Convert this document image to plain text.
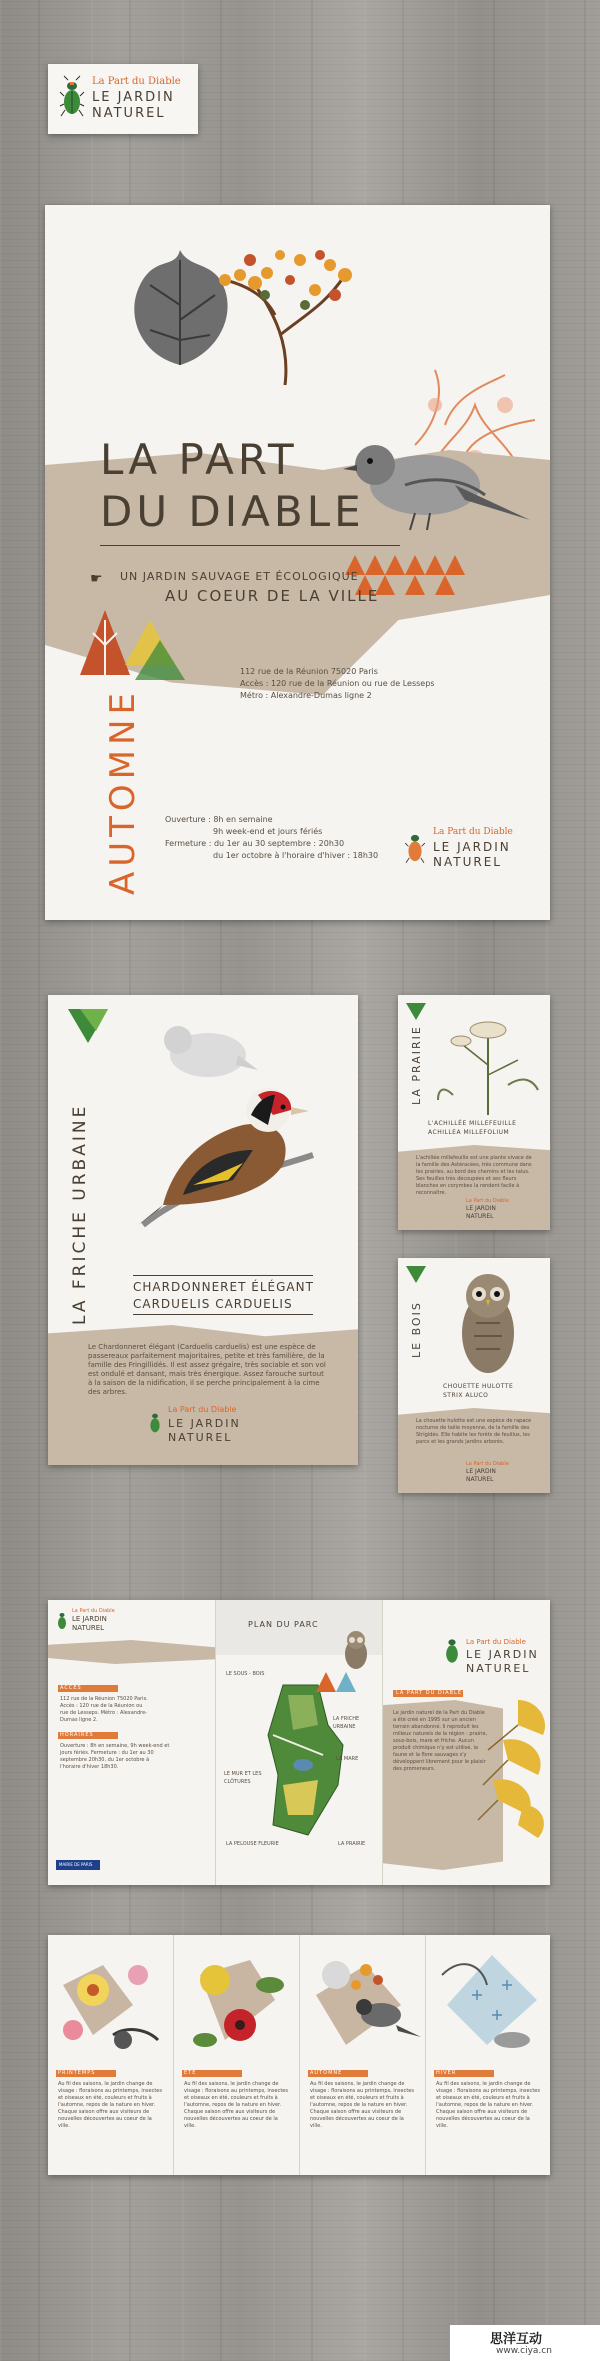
La Part du Diable
LE JARDIN
NATUREL
LA PART
DU DIABLE
☛ UN JARDIN SAUVAGE ET ÉCOLOGIQUE
AU COEUR DE LA VILLE
AUTOMNE
112 rue de la Réunion 75020 Paris
Accès : 120 rue de la Réunion ou rue de Lesseps
Métro : Alexandre-Dumas ligne 2
Ouverture : 8h en semaine
9h week-end et jours fériés
Fermeture : du 1er au 30 septembre : 20h30
du 1er octobre à l'horaire d'hiver : 18h30
La Part du Diable
LE JARDIN
NATUREL
LA FRICHE URBAINE	CHARDONNERET ÉLÉGANT
CARDUELIS CARDUELIS
Le Chardonneret élégant (Carduelis carduelis) est une espèce de passereaux parfaitement majoritaires, petite et très familière, de la famille des Fringillidés. Il est assez grégaire, très sociable et son vol est ondulé et dansant, mais très énergique. Assez farouche surtout à la saison de la nidification, il se perche principalement à la cime des arbres.
La Part du Diable
LE JARDIN
NATUREL
LA PRAIRIE
L'ACHILLÉE MILLEFEUILLE
ACHILLEA MILLEFOLIUM
L'achillée millefeuille est une plante vivace de la famille des Astéracées, très commune dans les prairies, au bord des chemins et les talus. Ses feuilles très découpées et ses fleurs blanches en corymbes la rendent facile à reconnaître.
La Part du Diable
LE JARDIN
NATUREL
LE BOIS
CHOUETTE HULOTTE
STRIX ALUCO
La chouette hulotte est une espèce de rapace nocturne de taille moyenne, de la famille des Strigidés. Elle habite les forêts de feuillus, les parcs et les grands jardins arborés.
La Part du Diable
LE JARDIN
NATUREL
La Part du Diable
LE JARDIN
NATUREL
ACCÈS
112 rue de la Réunion 75020 Paris. Accès : 120 rue de la Réunion ou rue de Lesseps. Métro : Alexandre-Dumas ligne 2.
HORAIRES
Ouverture : 8h en semaine, 9h week-end et jours fériés. Fermeture : du 1er au 30 septembre 20h30, du 1er octobre à l'horaire d'hiver 18h30.
MAIRIE DE PARIS
PLAN DU PARC
LE SOUS - BOIS
LA FRICHE URBAINE
LA MARE
LE MUR ET LES CLÔTURES
LA PELOUSE FLEURIE	LA PRAIRIE
La Part du Diable
LE JARDIN
NATUREL
LA PART DU DIABLE
Le jardin naturel de la Part du Diable a été créé en 1995 sur un ancien terrain abandonné. Il reproduit les milieux naturels de la région : prairie, sous-bois, mare et friche. Aucun produit chimique n'y est utilisé, la faune et la flore sauvages s'y développent librement pour le plaisir des promeneurs.
PRINTEMPS
Au fil des saisons, le jardin change de visage : floraisons au printemps, insectes et oiseaux en été, couleurs et fruits à l'automne, repos de la nature en hiver. Chaque saison offre aux visiteurs de nouvelles découvertes au coeur de la ville.
ÉTÉ
Au fil des saisons, le jardin change de visage : floraisons au printemps, insectes et oiseaux en été, couleurs et fruits à l'automne, repos de la nature en hiver. Chaque saison offre aux visiteurs de nouvelles découvertes au coeur de la ville.
AUTOMNE
Au fil des saisons, le jardin change de visage : floraisons au printemps, insectes et oiseaux en été, couleurs et fruits à l'automne, repos de la nature en hiver. Chaque saison offre aux visiteurs de nouvelles découvertes au coeur de la ville.
HIVER
Au fil des saisons, le jardin change de visage : floraisons au printemps, insectes et oiseaux en été, couleurs et fruits à l'automne, repos de la nature en hiver. Chaque saison offre aux visiteurs de nouvelles découvertes au coeur de la ville.
思洋互动
www.ciya.cn
